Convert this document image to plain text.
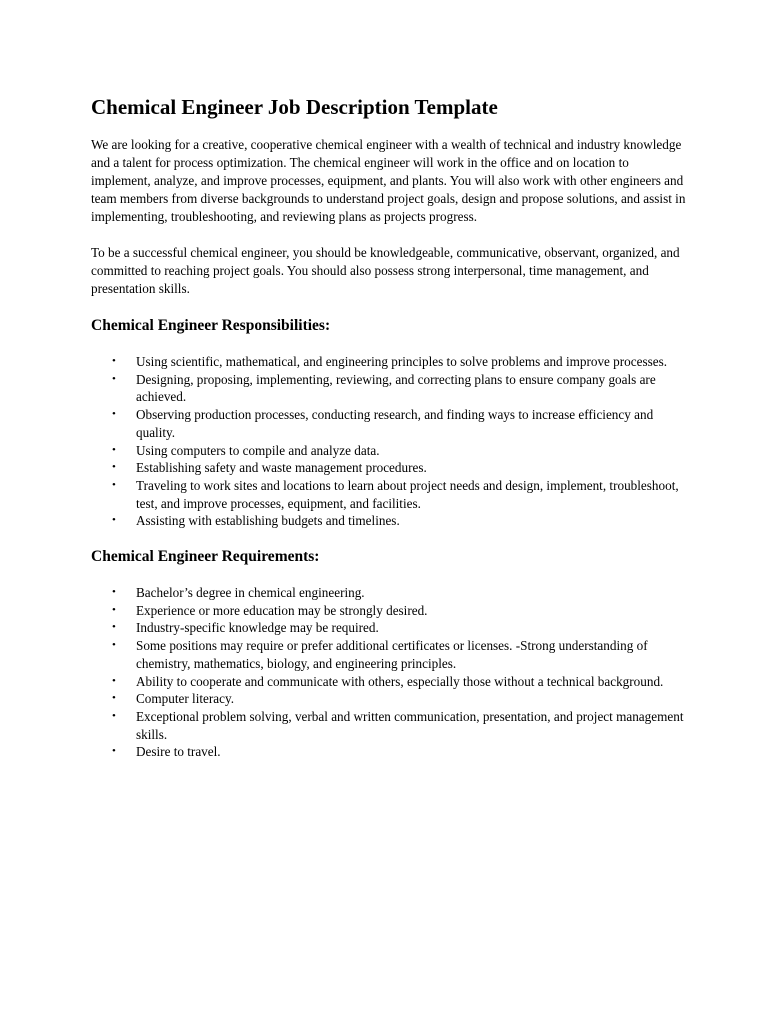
Chemical Engineer Job Description Template

We are looking for a creative, cooperative chemical engineer with a wealth of technical and industry knowledge and a talent for process optimization. The chemical engineer will work in the office and on location to implement, analyze, and improve processes, equipment, and plants. You will also work with other engineers and team members from diverse backgrounds to understand project goals, design and propose solutions, and assist in implementing, troubleshooting, and reviewing plans as projects progress.

To be a successful chemical engineer, you should be knowledgeable, communicative, observant, organized, and committed to reaching project goals. You should also possess strong interpersonal, time management, and presentation skills.

Chemical Engineer Responsibilities:
• Using scientific, mathematical, and engineering principles to solve problems and improve processes.
• Designing, proposing, implementing, reviewing, and correcting plans to ensure company goals are achieved.
• Observing production processes, conducting research, and finding ways to increase efficiency and quality.
• Using computers to compile and analyze data.
• Establishing safety and waste management procedures.
• Traveling to work sites and locations to learn about project needs and design, implement, troubleshoot, test, and improve processes, equipment, and facilities.
• Assisting with establishing budgets and timelines.
Chemical Engineer Requirements:
• Bachelor’s degree in chemical engineering.
• Experience or more education may be strongly desired.
• Industry-specific knowledge may be required.
• Some positions may require or prefer additional certificates or licenses. -Strong understanding of chemistry, mathematics, biology, and engineering principles.
• Ability to cooperate and communicate with others, especially those without a technical background.
• Computer literacy.
• Exceptional problem solving, verbal and written communication, presentation, and project management skills.
• Desire to travel.
